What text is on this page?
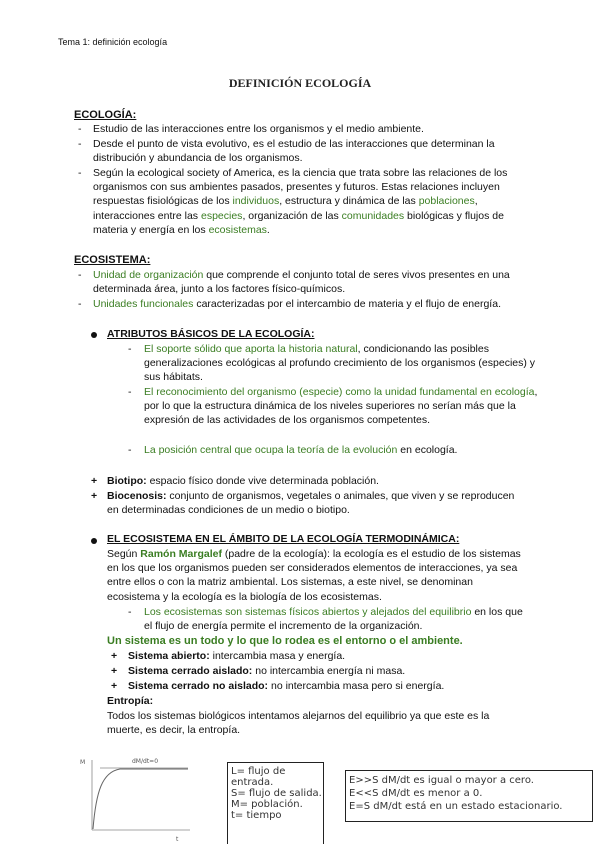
Tema 1: definición ecología
DEFINICIÓN ECOLOGÍA
ECOLOGÍA:
-	Estudio de las interacciones entre los organismos y el medio ambiente.
-	Desde el punto de vista evolutivo, es el estudio de las interacciones que determinan la distribución y abundancia de los organismos.
-	Según la ecological society of America, es la ciencia que trata sobre las relaciones de los organismos con sus ambientes pasados, presentes y futuros. Estas relaciones incluyen respuestas fisiológicas de los individuos, estructura y dinámica de las poblaciones, interacciones entre las especies, organización de las comunidades biológicas y flujos de materia y energía en los ecosistemas.
ECOSISTEMA:
-	Unidad de organización que comprende el conjunto total de seres vivos presentes en una determinada área, junto a los factores físico-químicos.
-	Unidades funcionales caracterizadas por el intercambio de materia y el flujo de energía.
ATRIBUTOS BÁSICOS DE LA ECOLOGÍA:
-	El soporte sólido que aporta la historia natural, condicionando las posibles generalizaciones ecológicas al profundo crecimiento de los organismos (especies) y sus hábitats.
-	El reconocimiento del organismo (especie) como la unidad fundamental en ecología, por lo que la estructura dinámica de los niveles superiores no serían más que la expresión de las actividades de los organismos competentes.
-	La posición central que ocupa la teoría de la evolución en ecología.
+ Biotipo: espacio físico donde vive determinada población.
+ Biocenosis: conjunto de organismos, vegetales o animales, que viven y se reproducen en determinadas condiciones de un medio o biotipo.
EL ECOSISTEMA EN EL ÁMBITO DE LA ECOLOGÍA TERMODINÁMICA:
Según Ramón Margalef (padre de la ecología): la ecología es el estudio de los sistemas en los que los organismos pueden ser considerados elementos de interacciones, ya sea entre ellos o con la matriz ambiental. Los sistemas, a este nivel, se denominan ecosistema y la ecología es la biología de los ecosistemas.
-	Los ecosistemas son sistemas físicos abiertos y alejados del equilibrio en los que el flujo de energía permite el incremento de la organización.
Un sistema es un todo y lo que lo rodea es el entorno o el ambiente.
+	Sistema abierto: intercambia masa y energía.
+	Sistema cerrado aislado: no intercambia energía ni masa.
+	Sistema cerrado no aislado: no intercambia masa pero si energía.
Entropía:
Todos los sistemas biológicos intentamos alejarnos del equilibrio ya que este es la muerte, es decir, la entropía.
M	dM/dt=0
t
L= flujo de entrada.
S= flujo de salida.
M= población.
t= tiempo
E>>S dM/dt es igual o mayor a cero.
E<<S dM/dt es menor a 0.
E=S dM/dt está en un estado estacionario.
